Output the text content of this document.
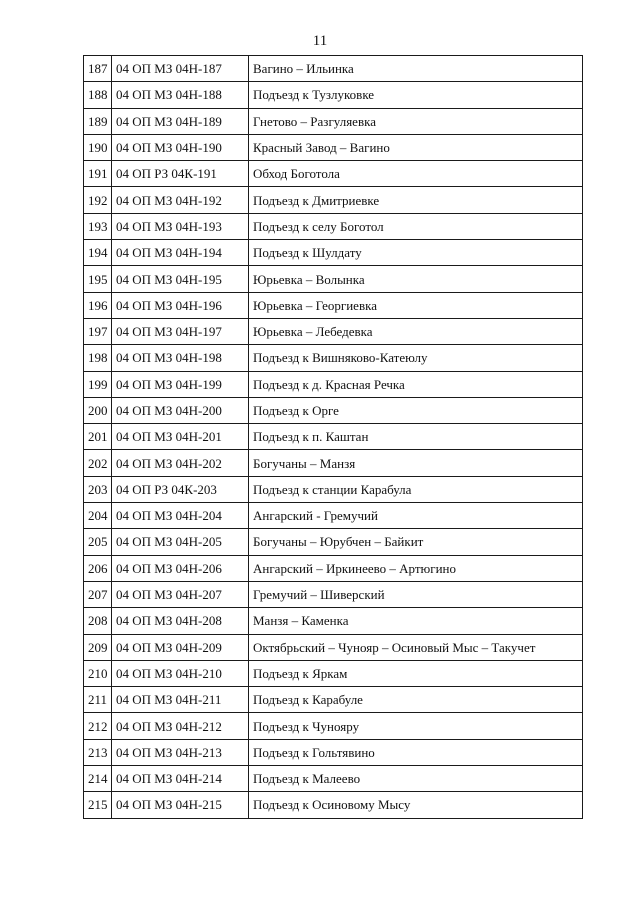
11
187	04 ОП МЗ 04Н-187	Вагино – Ильинка
188	04 ОП МЗ 04Н-188	Подъезд к Тузлуковке
189	04 ОП МЗ 04Н-189	Гнетово – Разгуляевка
190	04 ОП МЗ 04Н-190	Красный Завод – Вагино
191	04 ОП РЗ 04К-191	Обход Боготола
192	04 ОП МЗ 04Н-192	Подъезд к Дмитриевке
193	04 ОП МЗ 04Н-193	Подъезд к селу Боготол
194	04 ОП МЗ 04Н-194	Подъезд к Шулдату
195	04 ОП МЗ 04Н-195	Юрьевка – Волынка
196	04 ОП МЗ 04Н-196	Юрьевка – Георгиевка
197	04 ОП МЗ 04Н-197	Юрьевка – Лебедевка
198	04 ОП МЗ 04Н-198	Подъезд к Вишняково-Катеюлу
199	04 ОП МЗ 04Н-199	Подъезд к д. Красная Речка
200	04 ОП МЗ 04Н-200	Подъезд к Орге
201	04 ОП МЗ 04Н-201	Подъезд к п. Каштан
202	04 ОП МЗ 04Н-202	Богучаны – Манзя
203	04 ОП РЗ 04К-203	Подъезд к станции Карабула
204	04 ОП МЗ 04Н-204	Ангарский - Гремучий
205	04 ОП МЗ 04Н-205	Богучаны – Юрубчен – Байкит
206	04 ОП МЗ 04Н-206	Ангарский – Иркинеево – Артюгино
207	04 ОП МЗ 04Н-207	Гремучий – Шиверский
208	04 ОП МЗ 04Н-208	Манзя – Каменка
209	04 ОП МЗ 04Н-209	Октябрьский – Чунояр – Осиновый Мыс – Такучет
210	04 ОП МЗ 04Н-210	Подъезд к Яркам
211	04 ОП МЗ 04Н-211	Подъезд к Карабуле
212	04 ОП МЗ 04Н-212	Подъезд к Чунояру
213	04 ОП МЗ 04Н-213	Подъезд к Гольтявино
214	04 ОП МЗ 04Н-214	Подъезд к Малеево
215	04 ОП МЗ 04Н-215	Подъезд к Осиновому Мысу
